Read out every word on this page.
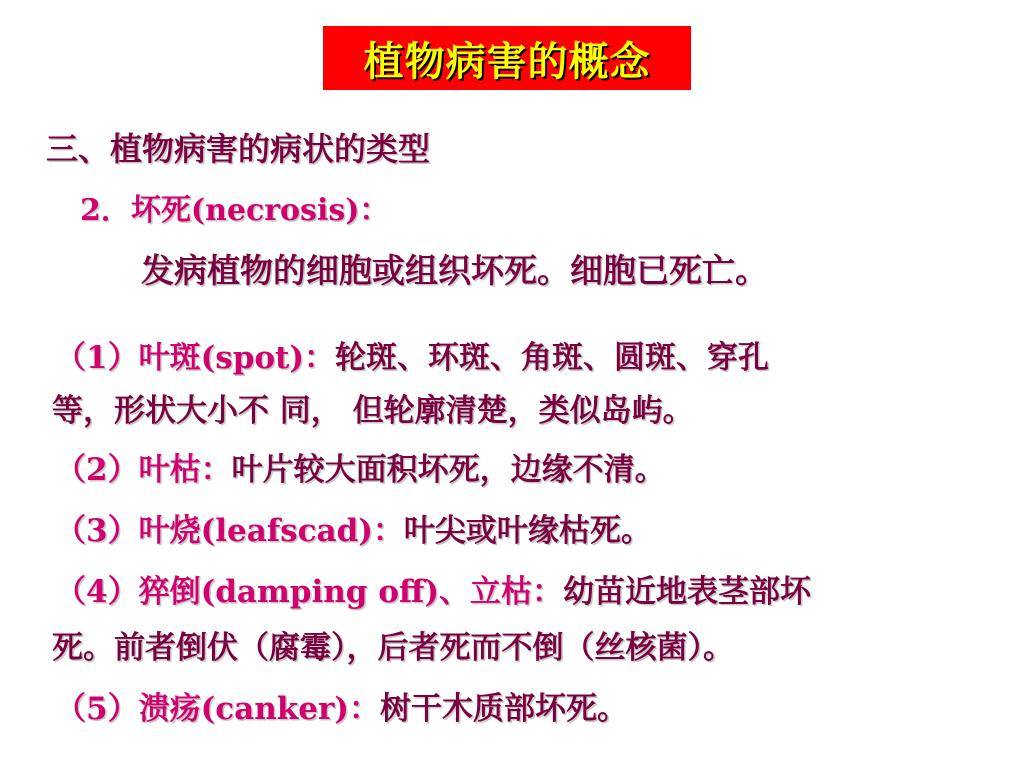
植物病害的概念
三、植物病害的病状的类型
2．坏死(necrosis)：
发病植物的细胞或组织坏死。细胞已死亡。
（1）叶斑(spot)：轮斑、环斑、角斑、圆斑、穿孔
等，形状大小不 同， 但轮廓清楚，类似岛屿。
（2）叶枯：叶片较大面积坏死，边缘不清。
（3）叶烧(leafscad)：叶尖或叶缘枯死。
（4）猝倒(damping off)、立枯：幼苗近地表茎部坏
死。前者倒伏（腐霉），后者死而不倒（丝核菌）。
（5）溃疡(canker)：树干木质部坏死。
